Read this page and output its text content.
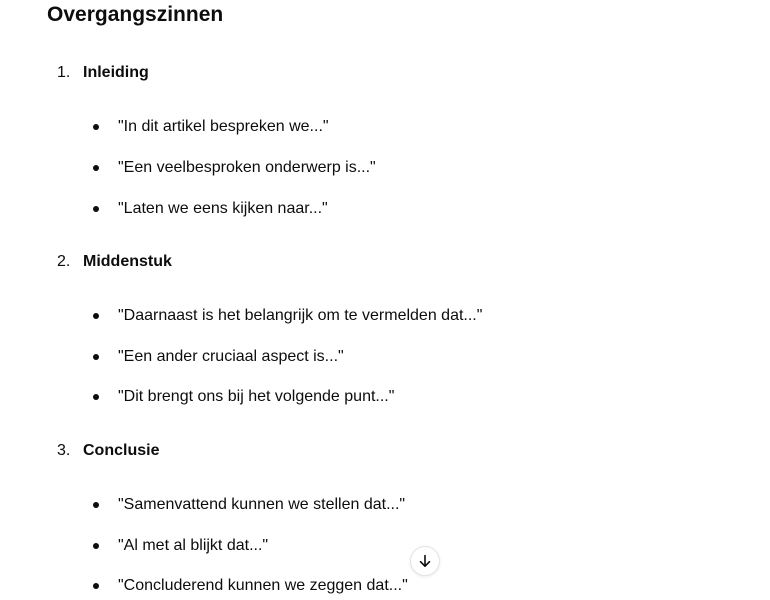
Overgangszinnen
1. Inleiding
"In dit artikel bespreken we..."
"Een veelbesproken onderwerp is..."
"Laten we eens kijken naar..."
2. Middenstuk
"Daarnaast is het belangrijk om te vermelden dat..."
"Een ander cruciaal aspect is..."
"Dit brengt ons bij het volgende punt..."
3. Conclusie
"Samenvattend kunnen we stellen dat..."
"Al met al blijkt dat..."
"Concluderend kunnen we zeggen dat..."
